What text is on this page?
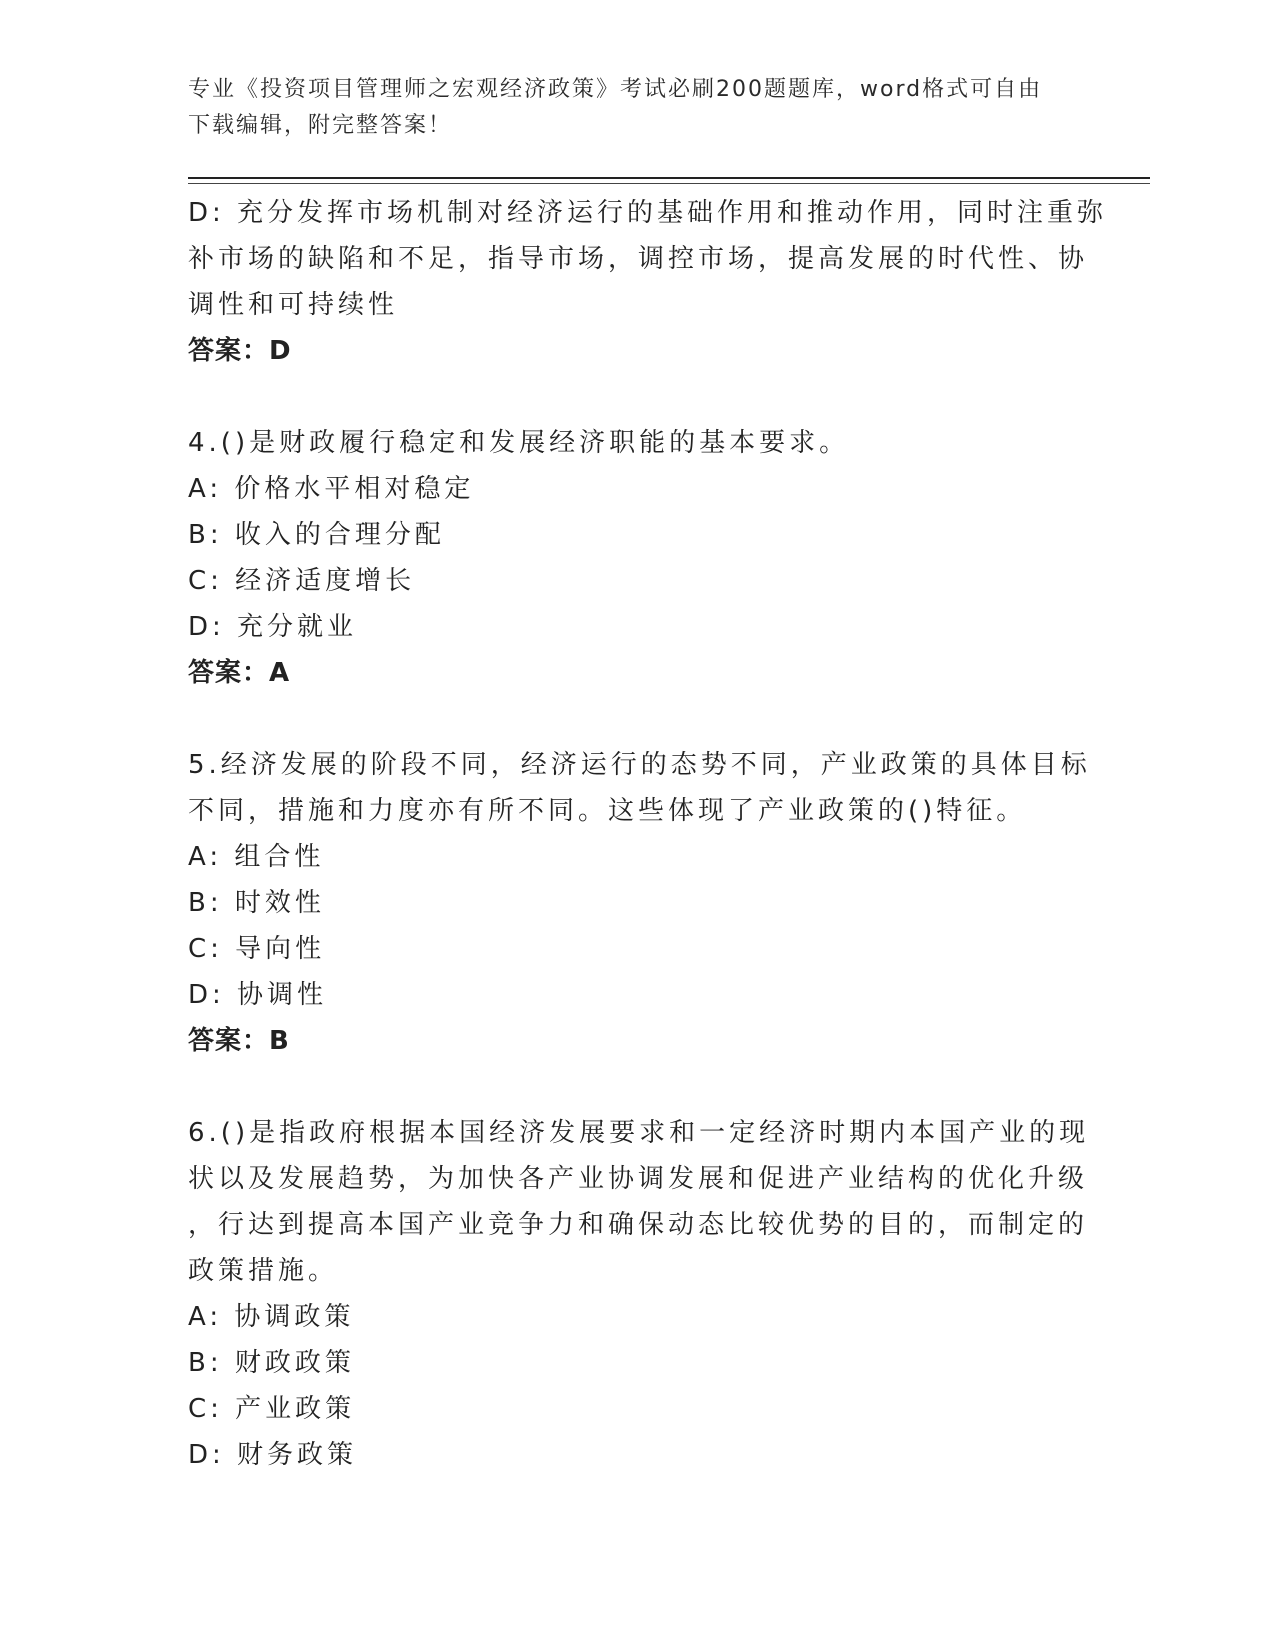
专业《投资项目管理师之宏观经济政策》考试必刷200题题库，word格式可自由
下载编辑，附完整答案！
D: 充分发挥市场机制对经济运行的基础作用和推动作用，同时注重弥
补市场的缺陷和不足，指导市场，调控市场，提高发展的时代性、协
调性和可持续性
答案：D
4.()是财政履行稳定和发展经济职能的基本要求。
A: 价格水平相对稳定
B: 收入的合理分配
C: 经济适度增长
D: 充分就业
答案：A
5.经济发展的阶段不同，经济运行的态势不同，产业政策的具体目标
不同，措施和力度亦有所不同。这些体现了产业政策的()特征。
A: 组合性
B: 时效性
C: 导向性
D: 协调性
答案：B
6.()是指政府根据本国经济发展要求和一定经济时期内本国产业的现
状以及发展趋势，为加快各产业协调发展和促进产业结构的优化升级
，行达到提高本国产业竞争力和确保动态比较优势的目的，而制定的
政策措施。
A: 协调政策
B: 财政政策
C: 产业政策
D: 财务政策
